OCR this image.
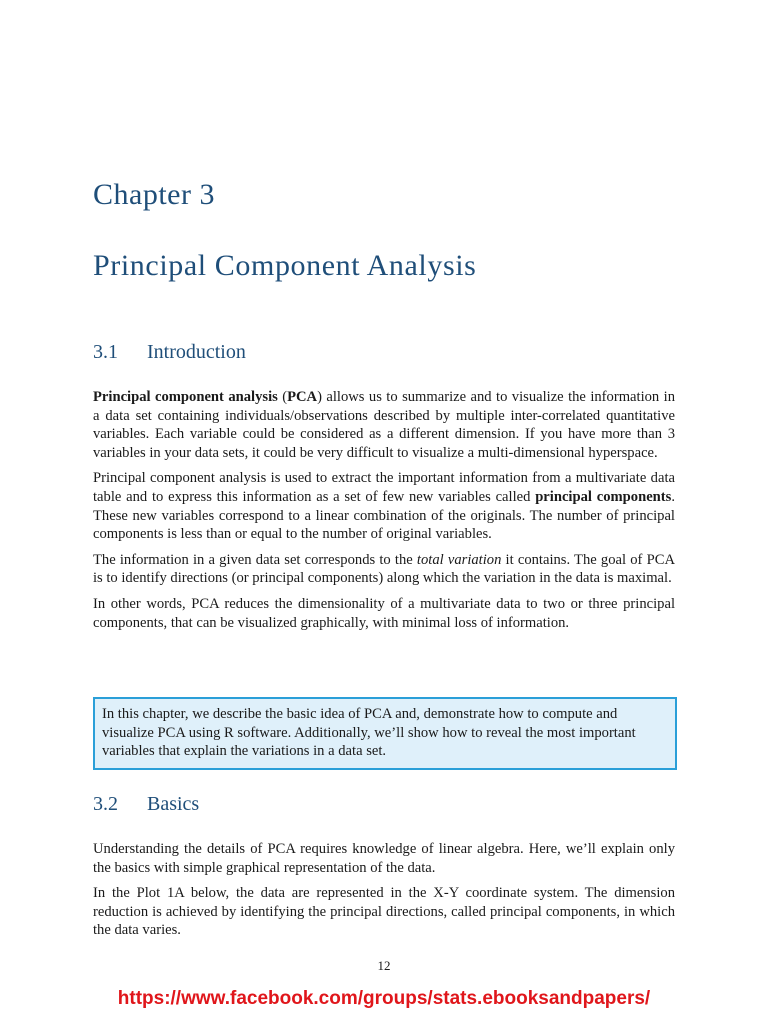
Chapter 3
Principal Component Analysis
3.1 Introduction

Principal component analysis (PCA) allows us to summarize and to visualize the information in a data set containing individuals/observations described by multiple inter-correlated quantitative variables. Each variable could be considered as a different dimension. If you have more than 3 variables in your data sets, it could be very difficult to visualize a multi-dimensional hyperspace.

Principal component analysis is used to extract the important information from a multivariate data table and to express this information as a set of few new variables called principal components. These new variables correspond to a linear combination of the originals. The number of principal components is less than or equal to the number of original variables.

The information in a given data set corresponds to the total variation it contains. The goal of PCA is to identify directions (or principal components) along which the variation in the data is maximal.

In other words, PCA reduces the dimensionality of a multivariate data to two or three principal components, that can be visualized graphically, with minimal loss of information.

In this chapter, we describe the basic idea of PCA and, demonstrate how to compute and visualize PCA using R software. Additionally, we’ll show how to reveal the most important variables that explain the variations in a data set.
3.2 Basics

Understanding the details of PCA requires knowledge of linear algebra. Here, we’ll explain only the basics with simple graphical representation of the data.

In the Plot 1A below, the data are represented in the X-Y coordinate system. The dimension reduction is achieved by identifying the principal directions, called principal components, in which the data varies.

12
https://www.facebook.com/groups/stats.ebooksandpapers/
